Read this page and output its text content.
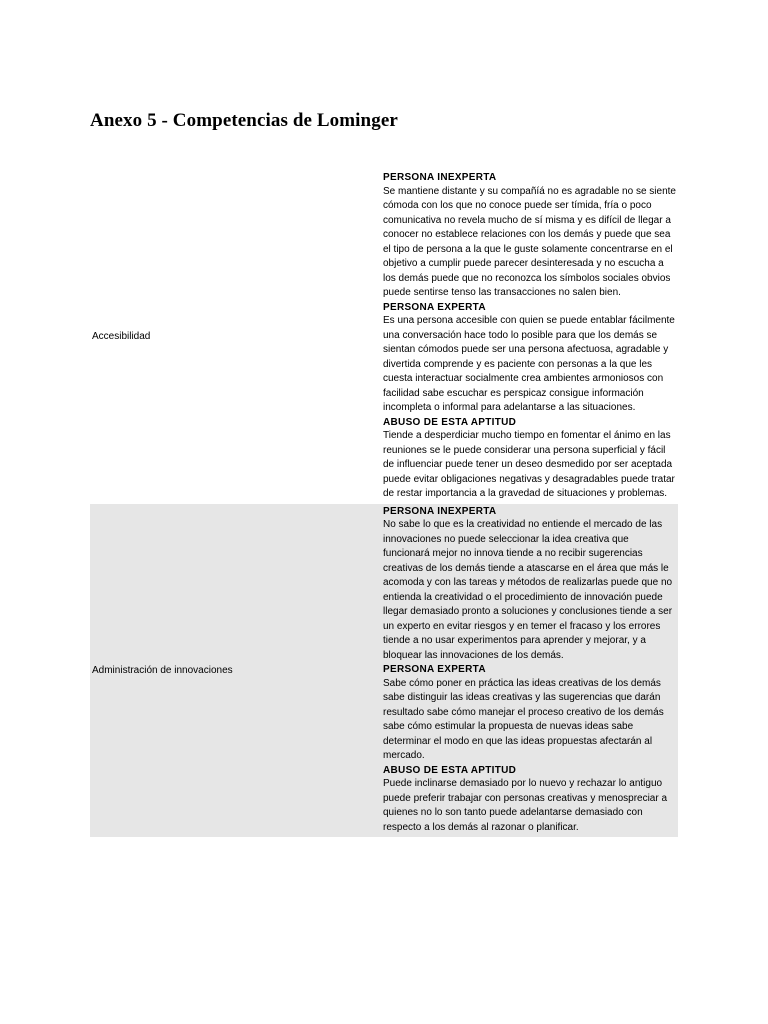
Anexo 5 - Competencias de Lominger
Accesibilidad
PERSONA INEXPERTA
Se mantiene distante y su compañíá no es agradable no se siente cómoda con los que no conoce puede ser tímida, fría o poco comunicativa no revela mucho de sí misma y es difícil de llegar a conocer no establece relaciones con los demás y puede que sea el tipo de persona a la que le guste solamente concentrarse en el objetivo a cumplir puede parecer desinteresada y no escucha a los demás puede que no reconozca los símbolos sociales obvios puede sentirse tenso las transacciones no salen bien.
PERSONA EXPERTA
Es una persona accesible con quien se puede entablar fácilmente una conversación hace todo lo posible para que los demás se sientan cómodos puede ser una persona afectuosa, agradable y divertida comprende y es paciente con personas a la que les cuesta interactuar socialmente crea ambientes armoniosos con facilidad sabe escuchar es perspicaz consigue información incompleta o informal para adelantarse a las situaciones.
ABUSO DE ESTA APTITUD
Tiende a desperdiciar mucho tiempo en fomentar el ánimo en las reuniones se le puede considerar una persona superficial y fácil de influenciar puede tener un deseo desmedido por ser aceptada puede evitar obligaciones negativas y desagradables puede tratar de restar importancia a la gravedad de situaciones y problemas.
Administración de innovaciones
PERSONA INEXPERTA
No sabe lo que es la creatividad no entiende el mercado de las innovaciones no puede seleccionar la idea creativa que funcionará mejor no innova tiende a no recibir sugerencias creativas de los demás tiende a atascarse en el área que más le acomoda y con las tareas y métodos de realizarlas puede que no entienda la creatividad o el procedimiento de innovación puede llegar demasiado pronto a soluciones y conclusiones tiende a ser un experto en evitar riesgos y en temer el fracaso y los errores tiende a no usar experimentos para aprender y mejorar, y a bloquear las innovaciones de los demás.
PERSONA EXPERTA
Sabe cómo poner en práctica las ideas creativas de los demás sabe distinguir las ideas creativas y las sugerencias que darán resultado sabe cómo manejar el proceso creativo de los demás sabe cómo estimular la propuesta de nuevas ideas sabe determinar el modo en que las ideas propuestas afectarán al mercado.
ABUSO DE ESTA APTITUD
Puede inclinarse demasiado por lo nuevo y rechazar lo antiguo puede preferir trabajar con personas creativas y menospreciar a quienes no lo son tanto puede adelantarse demasiado con respecto a los demás al razonar o planificar.
